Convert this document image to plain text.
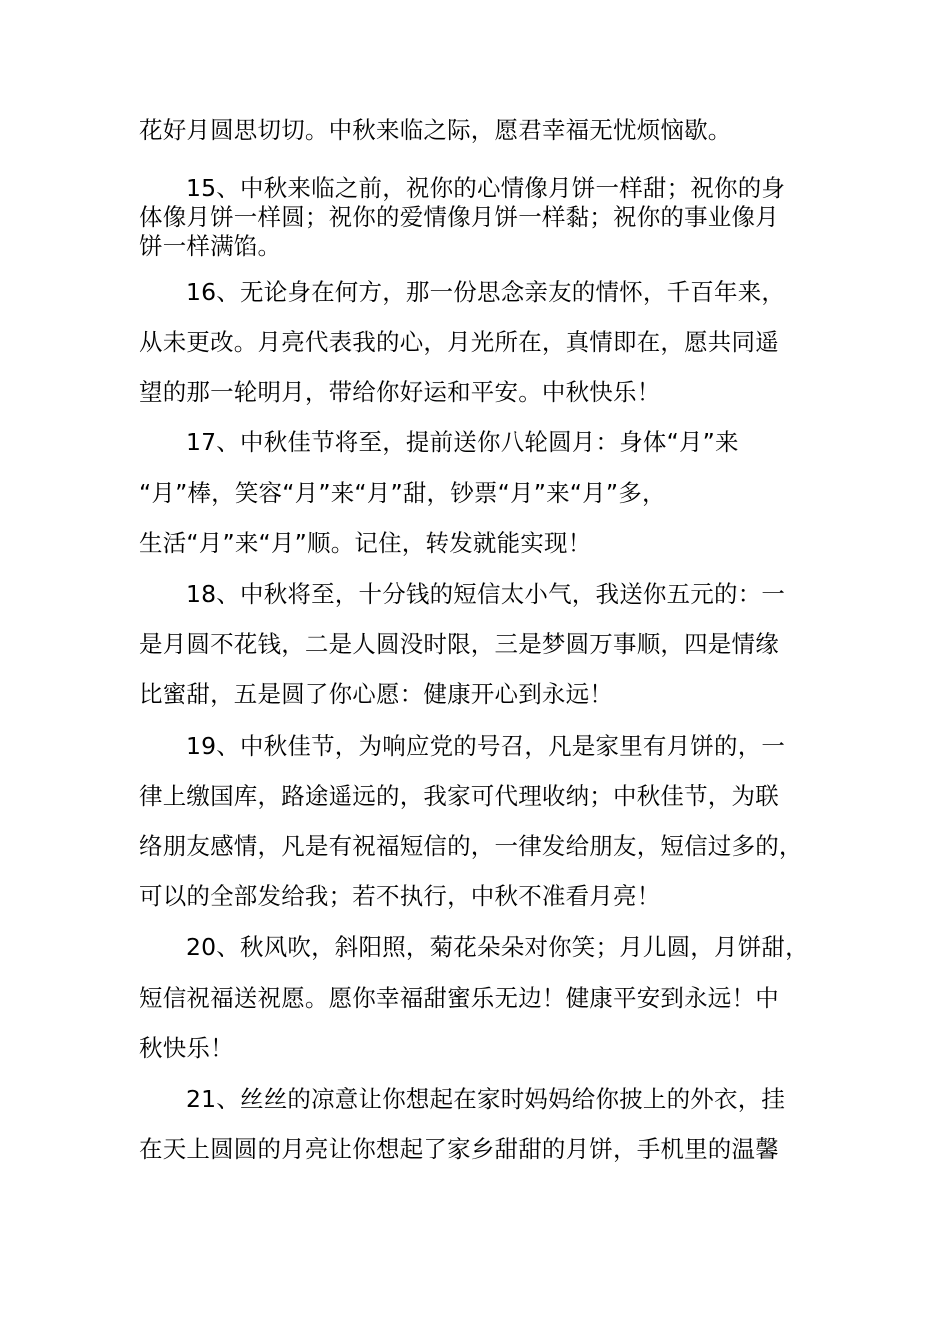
花好月圆思切切。中秋来临之际，愿君幸福无忧烦恼歇。
15、中秋来临之前，祝你的心情像月饼一样甜；祝你的身
体像月饼一样圆；祝你的爱情像月饼一样黏；祝你的事业像月
饼一样满馅。
16、无论身在何方，那一份思念亲友的情怀，千百年来，
从未更改。月亮代表我的心，月光所在，真情即在，愿共同遥
望的那一轮明月，带给你好运和平安。中秋快乐！
17、中秋佳节将至，提前送你八轮圆月：身体“月”来
“月”棒，笑容“月”来“月”甜，钞票“月”来“月”多，
生活“月”来“月”顺。记住，转发就能实现！
18、中秋将至，十分钱的短信太小气，我送你五元的：一
是月圆不花钱，二是人圆没时限，三是梦圆万事顺，四是情缘
比蜜甜，五是圆了你心愿：健康开心到永远！
19、中秋佳节，为响应党的号召，凡是家里有月饼的，一
律上缴国库，路途遥远的，我家可代理收纳；中秋佳节，为联
络朋友感情，凡是有祝福短信的，一律发给朋友，短信过多的，
可以的全部发给我；若不执行，中秋不准看月亮！
20、秋风吹，斜阳照，菊花朵朵对你笑；月儿圆，月饼甜，
短信祝福送祝愿。愿你幸福甜蜜乐无边！健康平安到永远！中
秋快乐！
21、丝丝的凉意让你想起在家时妈妈给你披上的外衣，挂
在天上圆圆的月亮让你想起了家乡甜甜的月饼，手机里的温馨
